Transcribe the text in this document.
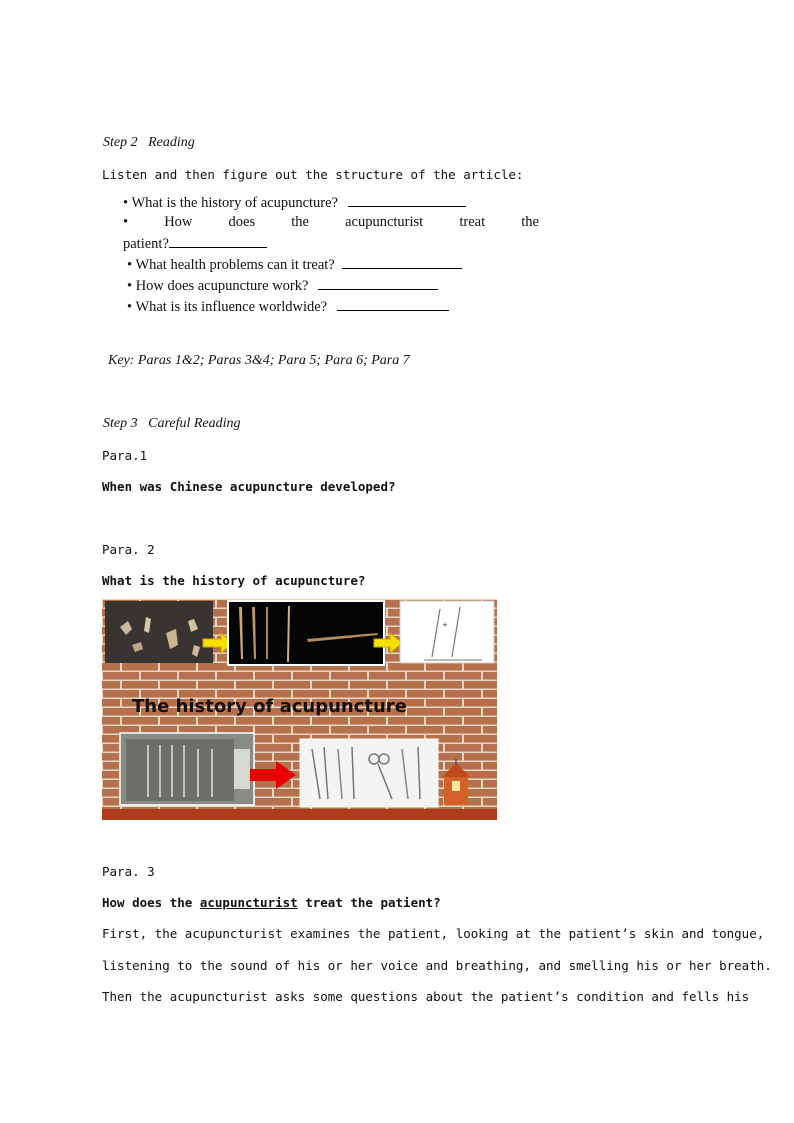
Step 2   Reading
Listen and then figure out the structure of the article:
• What is the history of acupuncture?
• How does the acupuncturist treat the
patient?
• What health problems can it treat?
• How does acupuncture work?
• What is its influence worldwide?
Key: Paras 1&2; Paras 3&4; Para 5; Para 6; Para 7
Step 3   Careful Reading
Para.1
When was Chinese acupuncture developed?
Para. 2
What is the history of acupuncture?
+
The history of acupuncture
Para. 3
How does the acupuncturist treat the patient?
First, the acupuncturist examines the patient, looking at the patient’s skin and tongue,
listening to the sound of his or her voice and breathing, and smelling his or her breath.
Then the acupuncturist asks some questions about the patient’s condition and fells his
